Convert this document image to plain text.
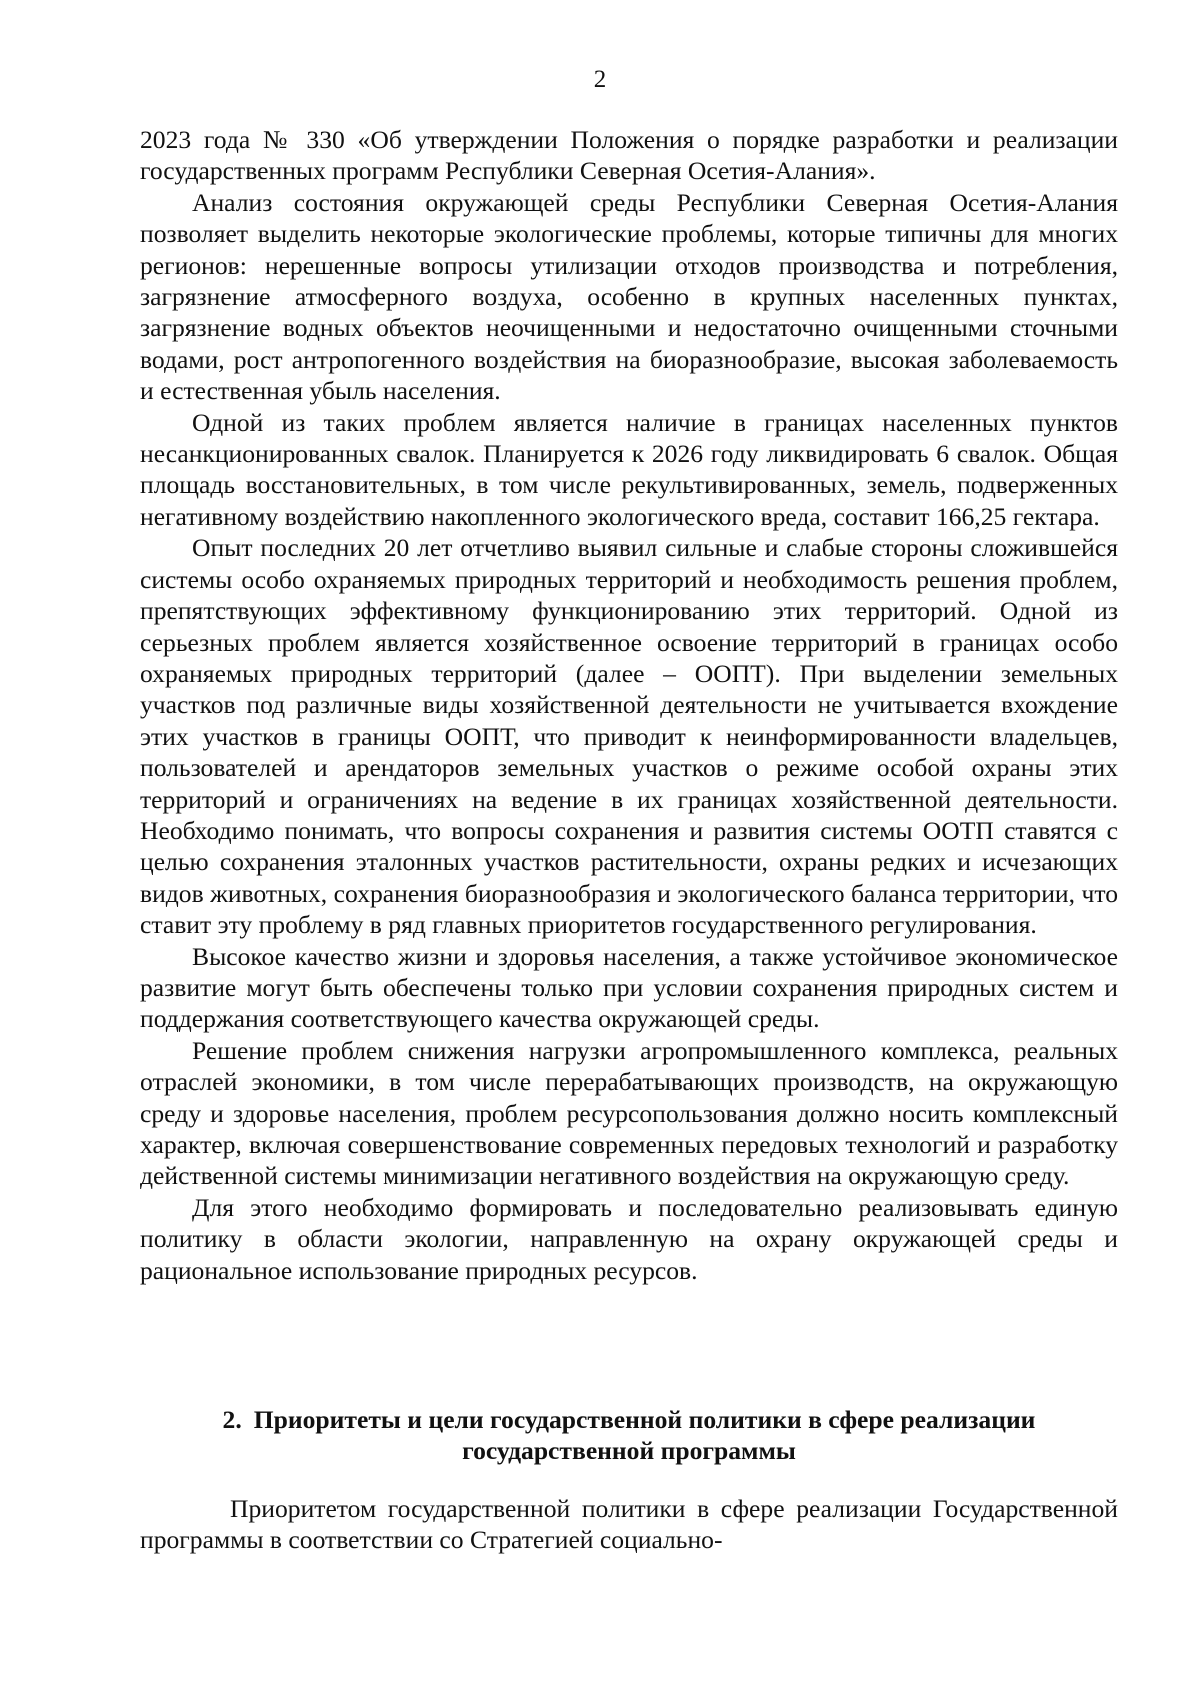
2

2023 года № 330 «Об утверждении Положения о порядке разработки и реализации государственных программ Республики Северная Осетия-Алания».

Анализ состояния окружающей среды Республики Северная Осетия-Алания позволяет выделить некоторые экологические проблемы, которые типичны для многих регионов: нерешенные вопросы утилизации отходов производства и потребления, загрязнение атмосферного воздуха, особенно в крупных населенных пунктах, загрязнение водных объектов неочищенными и недостаточно очищенными сточными водами, рост антропогенного воздействия на биоразнообразие, высокая заболеваемость и естественная убыль населения.

Одной из таких проблем является наличие в границах населенных пунктов несанкционированных свалок. Планируется к 2026 году ликвидировать 6 свалок. Общая площадь восстановительных, в том числе рекультивированных, земель, подверженных негативному воздействию накопленного экологического вреда, составит 166,25 гектара.

Опыт последних 20 лет отчетливо выявил сильные и слабые стороны сложившейся системы особо охраняемых природных территорий и необходимость решения проблем, препятствующих эффективному функционированию этих территорий. Одной из серьезных проблем является хозяйственное освоение территорий в границах особо охраняемых природных территорий (далее – ООПТ). При выделении земельных участков под различные виды хозяйственной деятельности не учитывается вхождение этих участков в границы ООПТ, что приводит к неинформированности владельцев, пользователей и арендаторов земельных участков о режиме особой охраны этих территорий и ограничениях на ведение в их границах хозяйственной деятельности. Необходимо понимать, что вопросы сохранения и развития системы ООТП ставятся с целью сохранения эталонных участков растительности, охраны редких и исчезающих видов животных, сохранения биоразнообразия и экологического баланса территории, что ставит эту проблему в ряд главных приоритетов государственного регулирования.

Высокое качество жизни и здоровья населения, а также устойчивое экономическое развитие могут быть обеспечены только при условии сохранения природных систем и поддержания соответствующего качества окружающей среды.

Решение проблем снижения нагрузки агропромышленного комплекса, реальных отраслей экономики, в том числе перерабатывающих производств, на окружающую среду и здоровье населения, проблем ресурсопользования должно носить комплексный характер, включая совершенствование современных передовых технологий и разработку действенной системы минимизации негативного воздействия на окружающую среду.

Для этого необходимо формировать и последовательно реализовывать единую политику в области экологии, направленную на охрану окружающей среды и рациональное использование природных ресурсов.

2. Приоритеты и цели государственной политики в сфере реализации

государственной программы

Приоритетом государственной политики в сфере реализации Государственной программы в соответствии со Стратегией социально-
